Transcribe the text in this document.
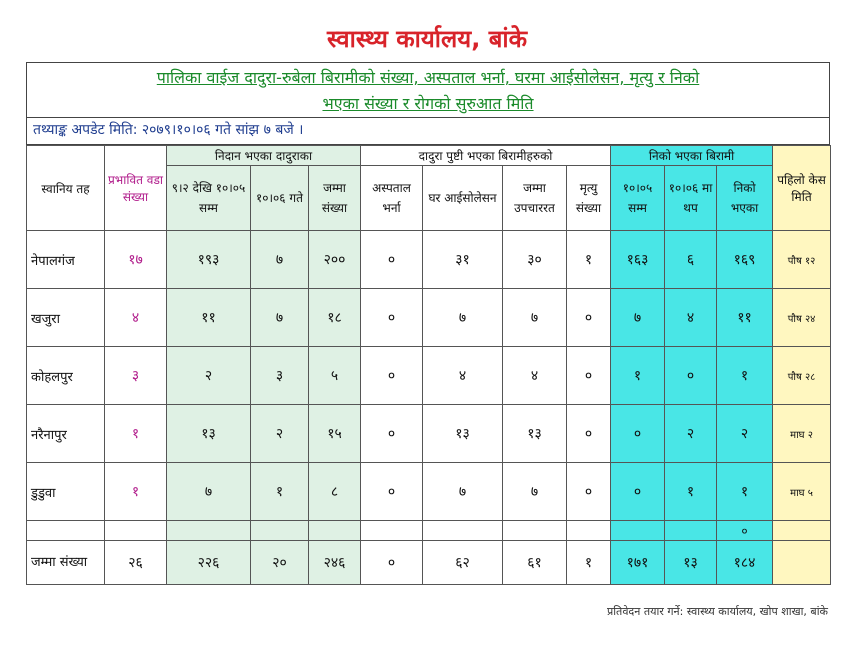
स्वास्थ्य कार्यालय, बांके
पालिका वाईज दादुरा-रुबेला बिरामीको संख्या, अस्पताल भर्ना, घरमा आईसोलेसन, मृत्यु र निको
भएका संख्या र रोगको सुरुआत मिति
तथ्याङ्क अपडेट मिति: २०७९।१०।०६ गते सांझ ७ बजे ।
स्वानिय तह	प्रभावित वडा संख्या	निदान भएका दादुराका			दादुरा पुष्टी भएका बिरामीहरुको				निको भएका बिरामी			पहिलो केस मिति
		९।२ देखि १०।०५ सम्म	१०।०६ गते	जम्मा संख्या	अस्पताल भर्ना	घर आईसोलेसन	जम्मा उपचाररत	मृत्यु संख्या	१०।०५ सम्म	१०।०६ मा थप	निको भएका	
नेपालगंज	१७	१९३	७	२००	०	३१	३०	१	१६३	६	१६९	पौष १२
खजुरा	४	११	७	१८	०	७	७	०	७	४	११	पौष २४
कोहलपुर	३	२	३	५	०	४	४	०	१	०	१	पौष २८
नरैनापुर	१	१३	२	१५	०	१३	१३	०	०	२	२	माघ २
डुडुवा	१	७	१	८	०	७	७	०	०	१	१	माघ ५
											०	
जम्मा संख्या	२६	२२६	२०	२४६	०	६२	६१	१	१७१	१३	१८४	
प्रतिवेदन तयार गर्ने: स्वास्थ्य कार्यालय, खोप शाखा, बांके
